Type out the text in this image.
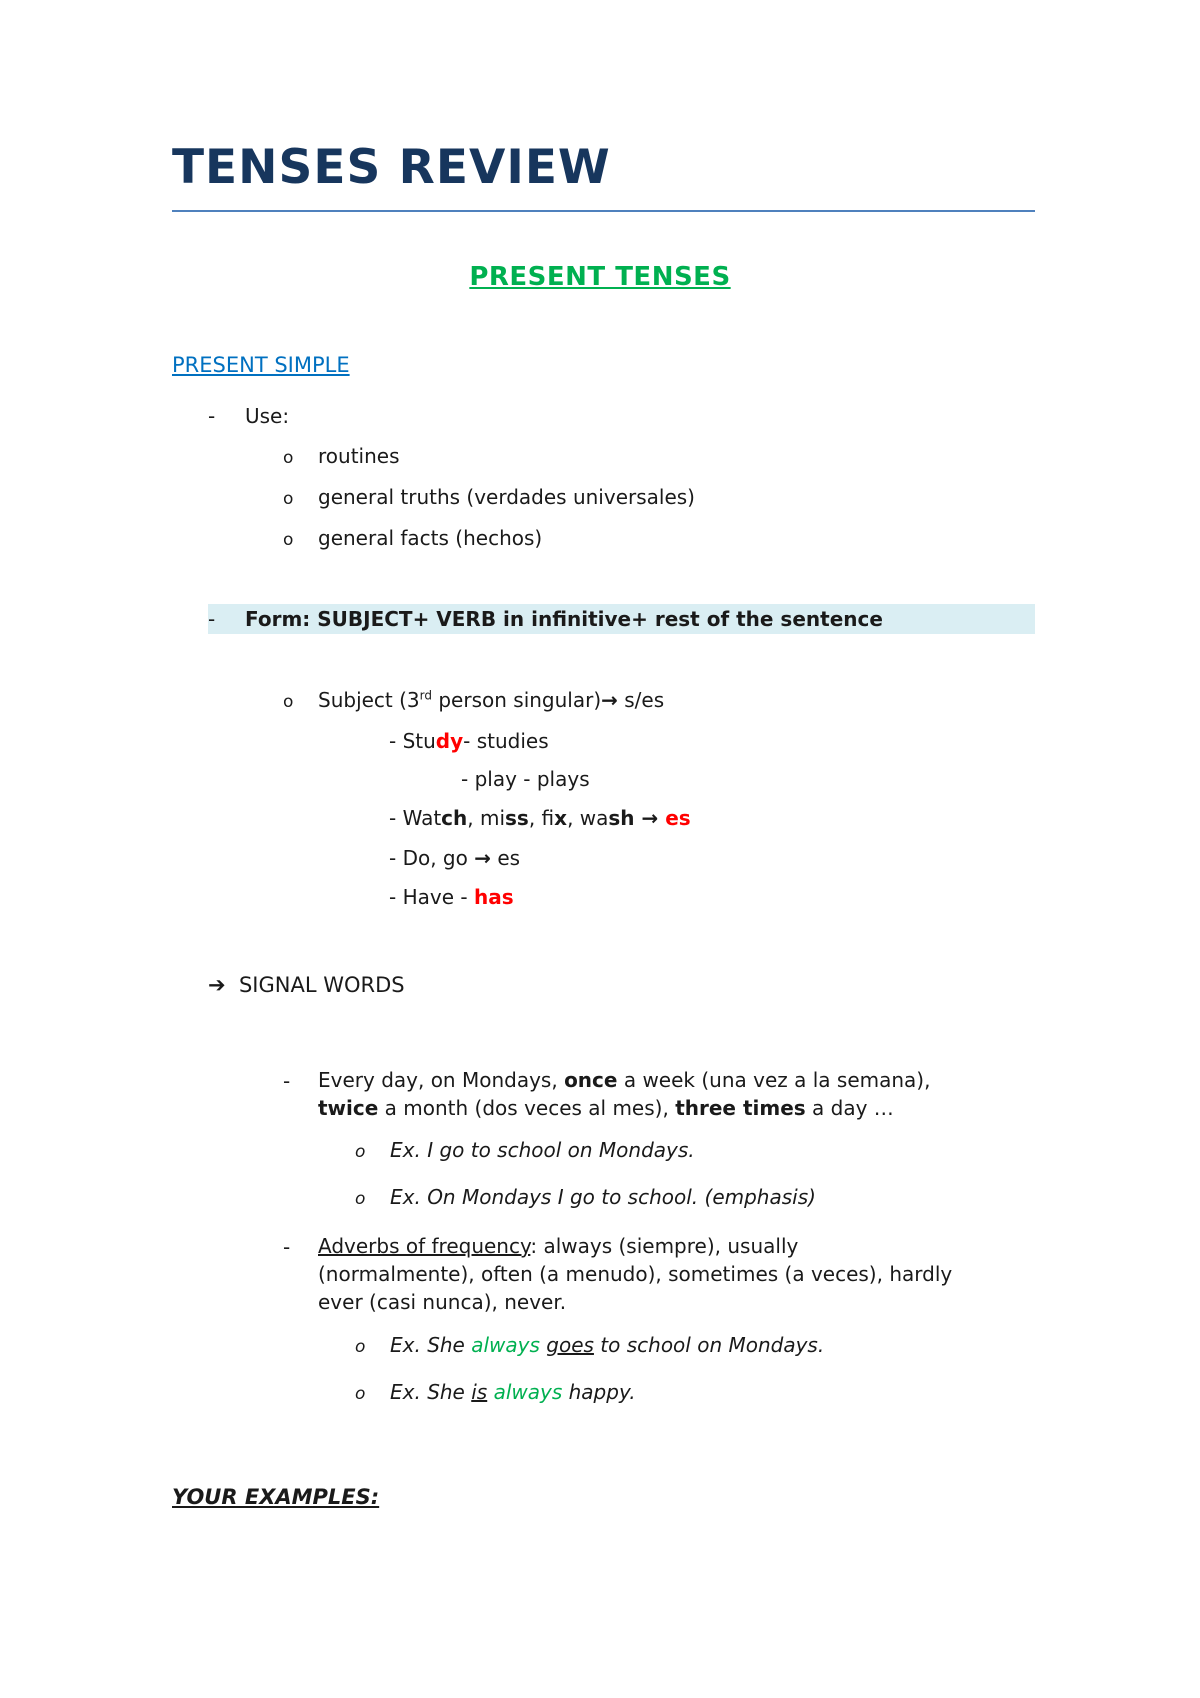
TENSES REVIEW
PRESENT TENSES
PRESENT SIMPLE
- Use:
o routines
o general truths (verdades universales)
o general facts (hechos)
- Form: SUBJECT+ VERB in infinitive+ rest of the sentence
o Subject (3rd person singular)→ s/es
- Study- studies
- play - plays
- Watch, miss, fix, wash → es
- Do, go → es
- Have - has
➔ SIGNAL WORDS
- Every day, on Mondays, once a week (una vez a la semana),
twice a month (dos veces al mes), three times a day …
o Ex. I go to school on Mondays.
o Ex. On Mondays I go to school. (emphasis)
- Adverbs of frequency: always (siempre), usually
(normalmente), often (a menudo), sometimes (a veces), hardly
ever (casi nunca), never.
o Ex. She always goes to school on Mondays.
o Ex. She is always happy.
YOUR EXAMPLES:
